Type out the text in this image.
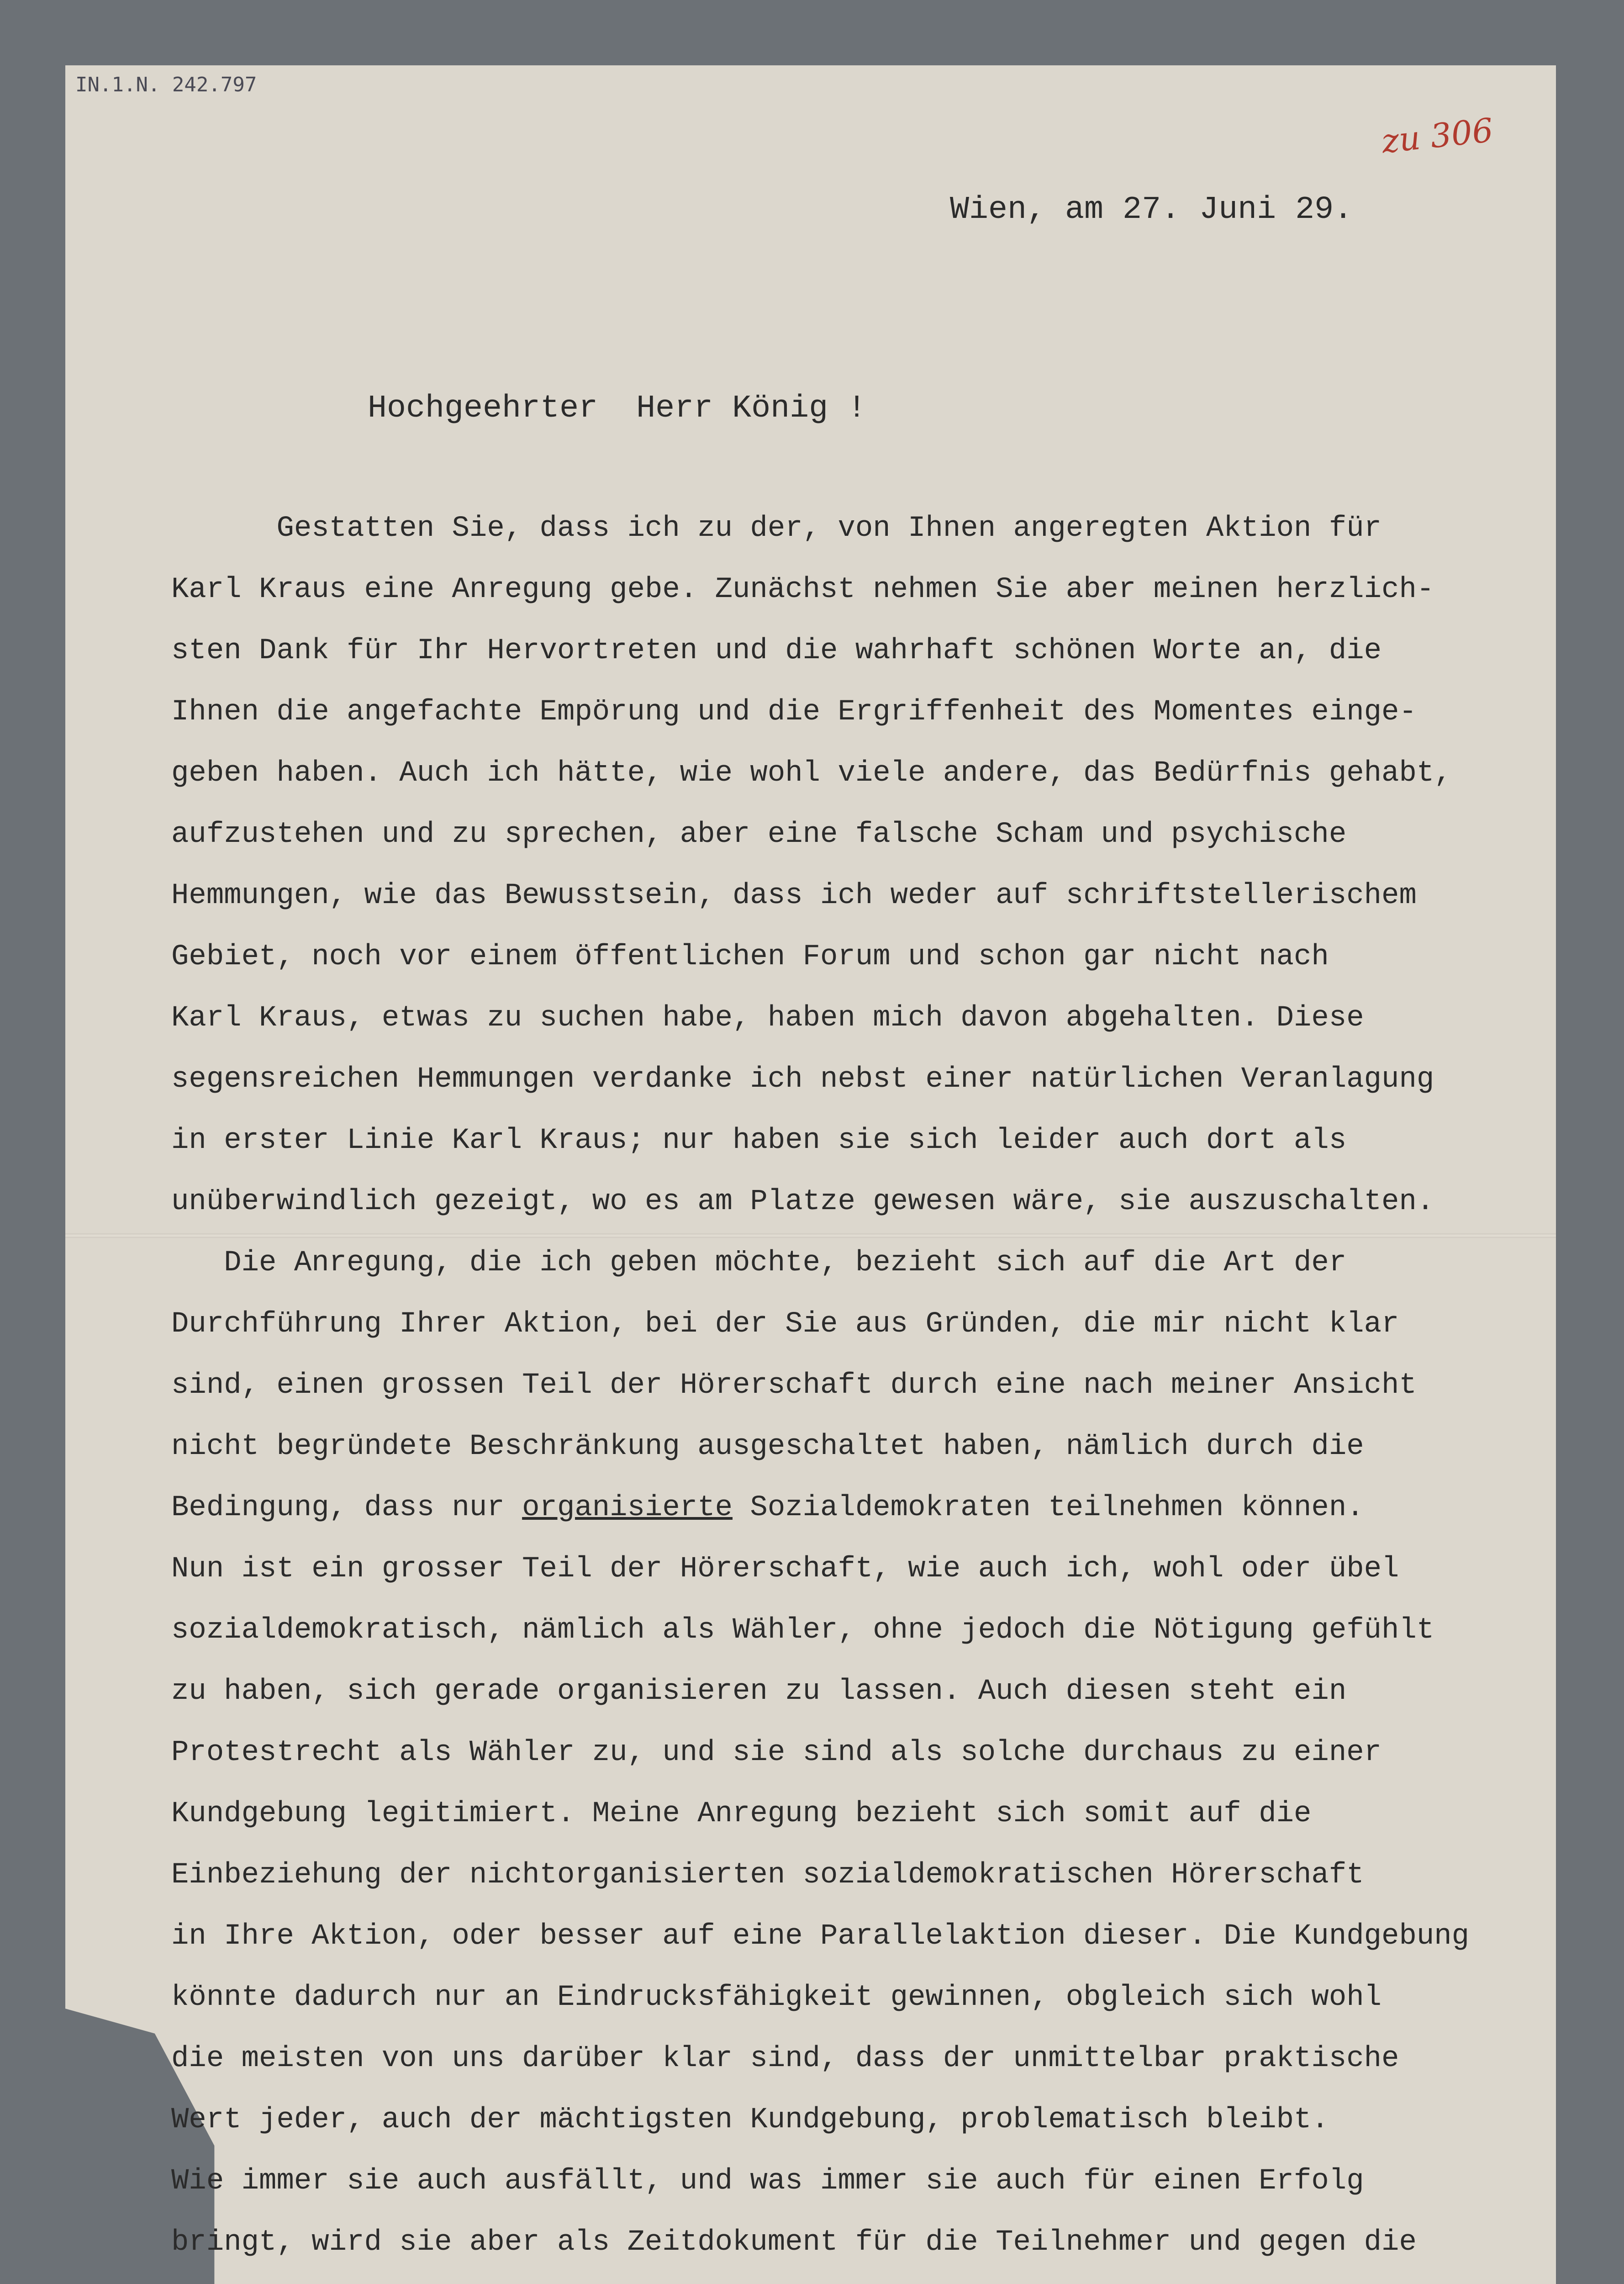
IN.1.N. 242.797
zu 306
Wien, am 27. Juni 29.
Hochgeehrter  Herr König !
Gestatten Sie, dass ich zu der, von Ihnen angeregten Aktion für
Karl Kraus eine Anregung gebe. Zunächst nehmen Sie aber meinen herzlich-
sten Dank für Ihr Hervortreten und die wahrhaft schönen Worte an, die
Ihnen die angefachte Empörung und die Ergriffenheit des Momentes einge-
geben haben. Auch ich hätte, wie wohl viele andere, das Bedürfnis gehabt,
aufzustehen und zu sprechen, aber eine falsche Scham und psychische
Hemmungen, wie das Bewusstsein, dass ich weder auf schriftstellerischem
Gebiet, noch vor einem öffentlichen Forum und schon gar nicht nach
Karl Kraus, etwas zu suchen habe, haben mich davon abgehalten. Diese
segensreichen Hemmungen verdanke ich nebst einer natürlichen Veranlagung
in erster Linie Karl Kraus; nur haben sie sich leider auch dort als
unüberwindlich gezeigt, wo es am Platze gewesen wäre, sie auszuschalten.
Die Anregung, die ich geben möchte, bezieht sich auf die Art der
Durchführung Ihrer Aktion, bei der Sie aus Gründen, die mir nicht klar
sind, einen grossen Teil der Hörerschaft durch eine nach meiner Ansicht
nicht begründete Beschränkung ausgeschaltet haben, nämlich durch die
Bedingung, dass nur organisierte Sozialdemokraten teilnehmen können.
Nun ist ein grosser Teil der Hörerschaft, wie auch ich, wohl oder übel
sozialdemokratisch, nämlich als Wähler, ohne jedoch die Nötigung gefühlt
zu haben, sich gerade organisieren zu lassen. Auch diesen steht ein
Protestrecht als Wähler zu, und sie sind als solche durchaus zu einer
Kundgebung legitimiert. Meine Anregung bezieht sich somit auf die
Einbeziehung der nichtorganisierten sozialdemokratischen Hörerschaft
in Ihre Aktion, oder besser auf eine Parallelaktion dieser. Die Kundgebung
könnte dadurch nur an Eindrucksfähigkeit gewinnen, obgleich sich wohl
die meisten von uns darüber klar sind, dass der unmittelbar praktische
Wert jeder, auch der mächtigsten Kundgebung, problematisch bleibt.
Wie immer sie auch ausfällt, und was immer sie auch für einen Erfolg
bringt, wird sie aber als Zeitdokument für die Teilnehmer und gegen die
